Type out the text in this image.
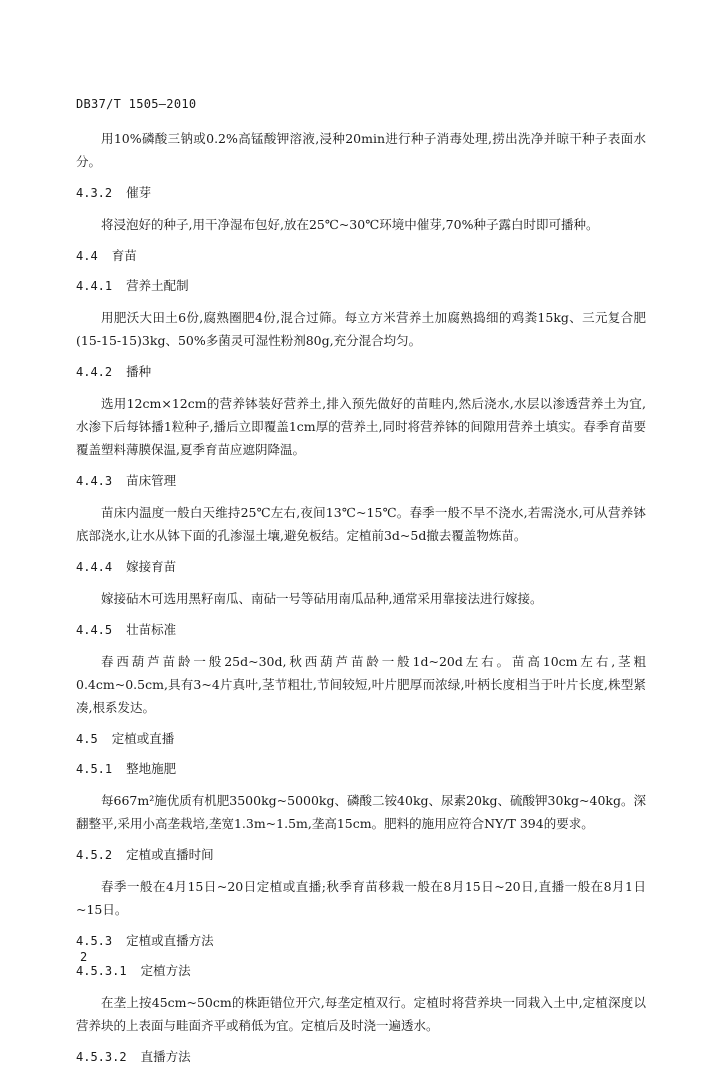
DB37/T 1505—2010

用10%磷酸三钠或0.2%高锰酸钾溶液,浸种20min进行种子消毒处理,捞出洗净并晾干种子表面水分。

4.3.2 催芽

将浸泡好的种子,用干净湿布包好,放在25℃~30℃环境中催芽,70%种子露白时即可播种。

4.4 育苗

4.4.1 营养土配制

用肥沃大田土6份,腐熟圈肥4份,混合过筛。每立方米营养土加腐熟捣细的鸡粪15kg、三元复合肥(15-15-15)3kg、50%多菌灵可湿性粉剂80g,充分混合均匀。

4.4.2 播种

选用12cm×12cm的营养钵装好营养土,排入预先做好的苗畦内,然后浇水,水层以渗透营养土为宜,水渗下后每钵播1粒种子,播后立即覆盖1cm厚的营养土,同时将营养钵的间隙用营养土填实。春季育苗要覆盖塑料薄膜保温,夏季育苗应遮阴降温。

4.4.3 苗床管理

苗床内温度一般白天维持25℃左右,夜间13℃~15℃。春季一般不旱不浇水,若需浇水,可从营养钵底部浇水,让水从钵下面的孔渗湿土壤,避免板结。定植前3d~5d撤去覆盖物炼苗。

4.4.4 嫁接育苗

嫁接砧木可选用黑籽南瓜、南砧一号等砧用南瓜品种,通常采用靠接法进行嫁接。

4.4.5 壮苗标准

春西葫芦苗龄一般25d~30d,秋西葫芦苗龄一般1d~20d左右。苗高10cm左右,茎粗0.4cm~0.5cm,具有3~4片真叶,茎节粗壮,节间较短,叶片肥厚而浓绿,叶柄长度相当于叶片长度,株型紧凑,根系发达。

4.5 定植或直播

4.5.1 整地施肥

每667m²施优质有机肥3500kg~5000kg、磷酸二铵40kg、尿素20kg、硫酸钾30kg~40kg。深翻整平,采用小高垄栽培,垄宽1.3m~1.5m,垄高15cm。肥料的施用应符合NY/T 394的要求。

4.5.2 定植或直播时间

春季一般在4月15日~20日定植或直播;秋季育苗移栽一般在8月15日~20日,直播一般在8月1日~15日。

4.5.3 定植或直播方法

4.5.3.1 定植方法

在垄上按45cm~50cm的株距错位开穴,每垄定植双行。定植时将营养块一同栽入土中,定植深度以营养块的上表面与畦面齐平或稍低为宜。定植后及时浇一遍透水。

4.5.3.2 直播方法

2
